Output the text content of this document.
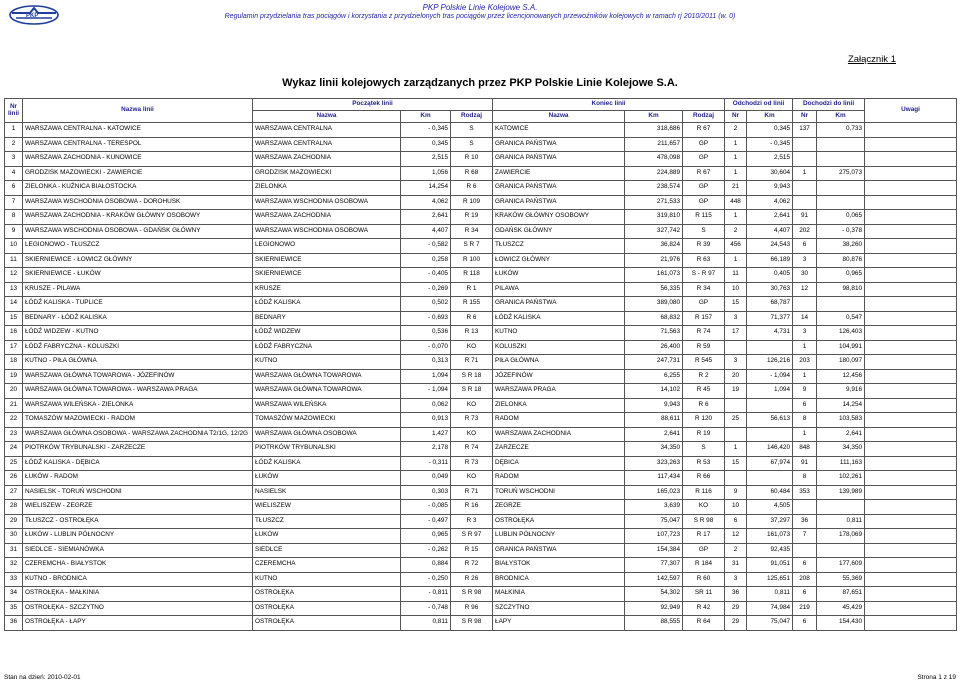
PKP
PKP Polskie Linie Kolejowe S.A.
Regulamin przydzielania tras pociągów i korzystania z przydzielonych tras pociągów przez licencjonowanych przewoźników kolejowych w ramach rj 2010/2011 (w. 0)
Załącznik 1
Wykaz linii kolejowych zarządzanych przez PKP Polskie Linie Kolejowe S.A.
Nr linii	Nazwa linii	Początek linii			Koniec linii			Odchodzi od linii		Dochodzi do linii		Uwagi
		Nazwa	Km	Rodzaj	Nazwa	Km	Rodzaj	Nr	Km	Nr	Km	
1	WARSZAWA CENTRALNA - KATOWICE	WARSZAWA CENTRALNA	- 0,345	S	KATOWICE	318,686	R 67	2	0,345	137	0,733	
2	WARSZAWA CENTRALNA - TERESPOL	WARSZAWA CENTRALNA	0,345	S	GRANICA PAŃSTWA	211,657	GP	1	- 0,345			
3	WARSZAWA ZACHODNIA - KUNOWICE	WARSZAWA ZACHODNIA	2,515	R 10	GRANICA PAŃSTWA	478,098	GP	1	2,515			
4	GRODZISK MAZOWIECKI - ZAWIERCIE	GRODZISK MAZOWIECKI	1,056	R 68	ZAWIERCIE	224,889	R 67	1	30,604	1	275,073	
6	ZIELONKA - KUŹNICA BIAŁOSTOCKA	ZIELONKA	14,254	R 6	GRANICA PAŃSTWA	238,574	GP	21	9,943			
7	WARSZAWA WSCHODNIA OSOBOWA - DOROHUSK	WARSZAWA WSCHODNIA OSOBOWA	4,062	R 109	GRANICA PAŃSTWA	271,533	GP	448	4,062			
8	WARSZAWA ZACHODNIA - KRAKÓW GŁÓWNY OSOBOWY	WARSZAWA ZACHODNIA	2,641	R 19	KRAKÓW GŁÓWNY OSOBOWY	319,810	R 115	1	2,641	91	0,065	
9	WARSZAWA WSCHODNIA OSOBOWA - GDAŃSK GŁÓWNY	WARSZAWA WSCHODNIA OSOBOWA	4,407	R 34	GDAŃSK GŁÓWNY	327,742	S	2	4,407	202	- 0,378	
10	LEGIONOWO - TŁUSZCZ	LEGIONOWO	- 0,582	S R 7	TŁUSZCZ	36,824	R 39	456	24,543	6	38,260	
11	SKIERNIEWICE - ŁOWICZ GŁÓWNY	SKIERNIEWICE	0,258	R 100	ŁOWICZ GŁÓWNY	21,976	R 63	1	66,189	3	80,876	
12	SKIERNIEWICE - ŁUKÓW	SKIERNIEWICE	- 0,405	R 118	ŁUKÓW	161,073	S - R 97	11	0,405	30	0,965	
13	KRUSZE - PILAWA	KRUSZE	- 0,269	R 1	PILAWA	56,335	R 34	10	30,763	12	98,810	
14	ŁÓDŹ KALISKA - TUPLICE	ŁÓDŹ KALISKA	0,502	R 155	GRANICA PAŃSTWA	389,080	GP	15	68,787			
15	BEDNARY - ŁÓDŹ KALISKA	BEDNARY	- 0,693	R 6	ŁÓDŹ KALISKA	68,832	R 157	3	71,377	14	0,547	
16	ŁÓDŹ WIDZEW - KUTNO	ŁÓDŹ WIDZEW	0,536	R 13	KUTNO	71,563	R 74	17	4,731	3	126,403	
17	ŁÓDŹ FABRYCZNA - KOLUSZKI	ŁÓDŹ FABRYCZNA	- 0,070	KO	KOLUSZKI	26,400	R 59			1	104,991	
18	KUTNO - PIŁA GŁÓWNA	KUTNO	0,313	R 71	PIŁA GŁÓWNA	247,731	R 545	3	126,216	203	180,097	
19	WARSZAWA GŁÓWNA TOWAROWA - JÓZEFINÓW	WARSZAWA GŁÓWNA TOWAROWA	1,094	S R 18	JÓZEFINÓW	6,255	R 2	20	- 1,094	1	12,456	
20	WARSZAWA GŁÓWNA TOWAROWA - WARSZAWA PRAGA	WARSZAWA GŁÓWNA TOWAROWA	- 1,094	S R 18	WARSZAWA PRAGA	14,102	R 45	19	1,094	9	9,916	
21	WARSZAWA WILEŃSKA - ZIELONKA	WARSZAWA WILEŃSKA	0,062	KO	ZIELONKA	9,943	R 6			6	14,254	
22	TOMASZÓW MAZOWIECKI - RADOM	TOMASZÓW MAZOWIECKI	0,913	R 73	RADOM	88,611	R 120	25	56,613	8	103,583	
23	WARSZAWA GŁÓWNA OSOBOWA - WARSZAWA ZACHODNIA T2/1G, 12/2G	WARSZAWA GŁÓWNA OSOBOWA	1,427	KO	WARSZAWA ZACHODNIA	2,641	R 19			1	2,641	
24	PIOTRKÓW TRYBUNALSKI - ZARZECZE	PIOTRKÓW TRYBUNALSKI	2,178	R 74	ZARZECZE	34,350	S	1	146,420	848	34,350	
25	ŁÓDŹ KALISKA - DĘBICA	ŁÓDŹ KALISKA	- 0,311	R 73	DĘBICA	323,263	R 53	15	67,974	91	111,163	
26	ŁUKÓW - RADOM	ŁUKÓW	0,049	KO	RADOM	117,434	R 66			8	102,261	
27	NASIELSK - TORUŃ WSCHODNI	NASIELSK	0,303	R 71	TORUŃ WSCHODNI	165,023	R 116	9	60,484	353	139,989	
28	WIELISZEW - ZEGRZE	WIELISZEW	- 0,085	R 16	ZEGRZE	3,639	KO	10	4,505			
29	TŁUSZCZ - OSTROŁĘKA	TŁUSZCZ	- 0,497	R 3	OSTROŁĘKA	75,047	S R 98	6	37,297	36	0,811	
30	ŁUKÓW - LUBLIN PÓŁNOCNY	ŁUKÓW	0,965	S R 97	LUBLIN PÓŁNOCNY	107,723	R 17	12	161,073	7	178,069	
31	SIEDLCE - SIEMIANÓWKA	SIEDLCE	- 0,262	R 15	GRANICA PAŃSTWA	154,384	GP	2	92,435			
32	CZEREMCHA - BIAŁYSTOK	CZEREMCHA	0,884	R 72	BIAŁYSTOK	77,307	R 184	31	91,051	6	177,609	
33	KUTNO - BRODNICA	KUTNO	- 0,250	R 26	BRODNICA	142,597	R 60	3	125,651	208	55,369	
34	OSTROŁĘKA - MAŁKINIA	OSTROŁĘKA	- 0,811	S R 98	MAŁKINIA	54,302	SR 11	36	0,811	6	87,651	
35	OSTROŁĘKA - SZCZYTNO	OSTROŁĘKA	- 0,748	R 96	SZCZYTNO	92,949	R 42	29	74,984	219	45,429	
36	OSTROŁĘKA - ŁAPY	OSTROŁĘKA	0,811	S R 98	ŁAPY	88,555	R 64	29	75,047	6	154,430	
Stan na dzień: 2010-02-01	Strona 1 z 19
